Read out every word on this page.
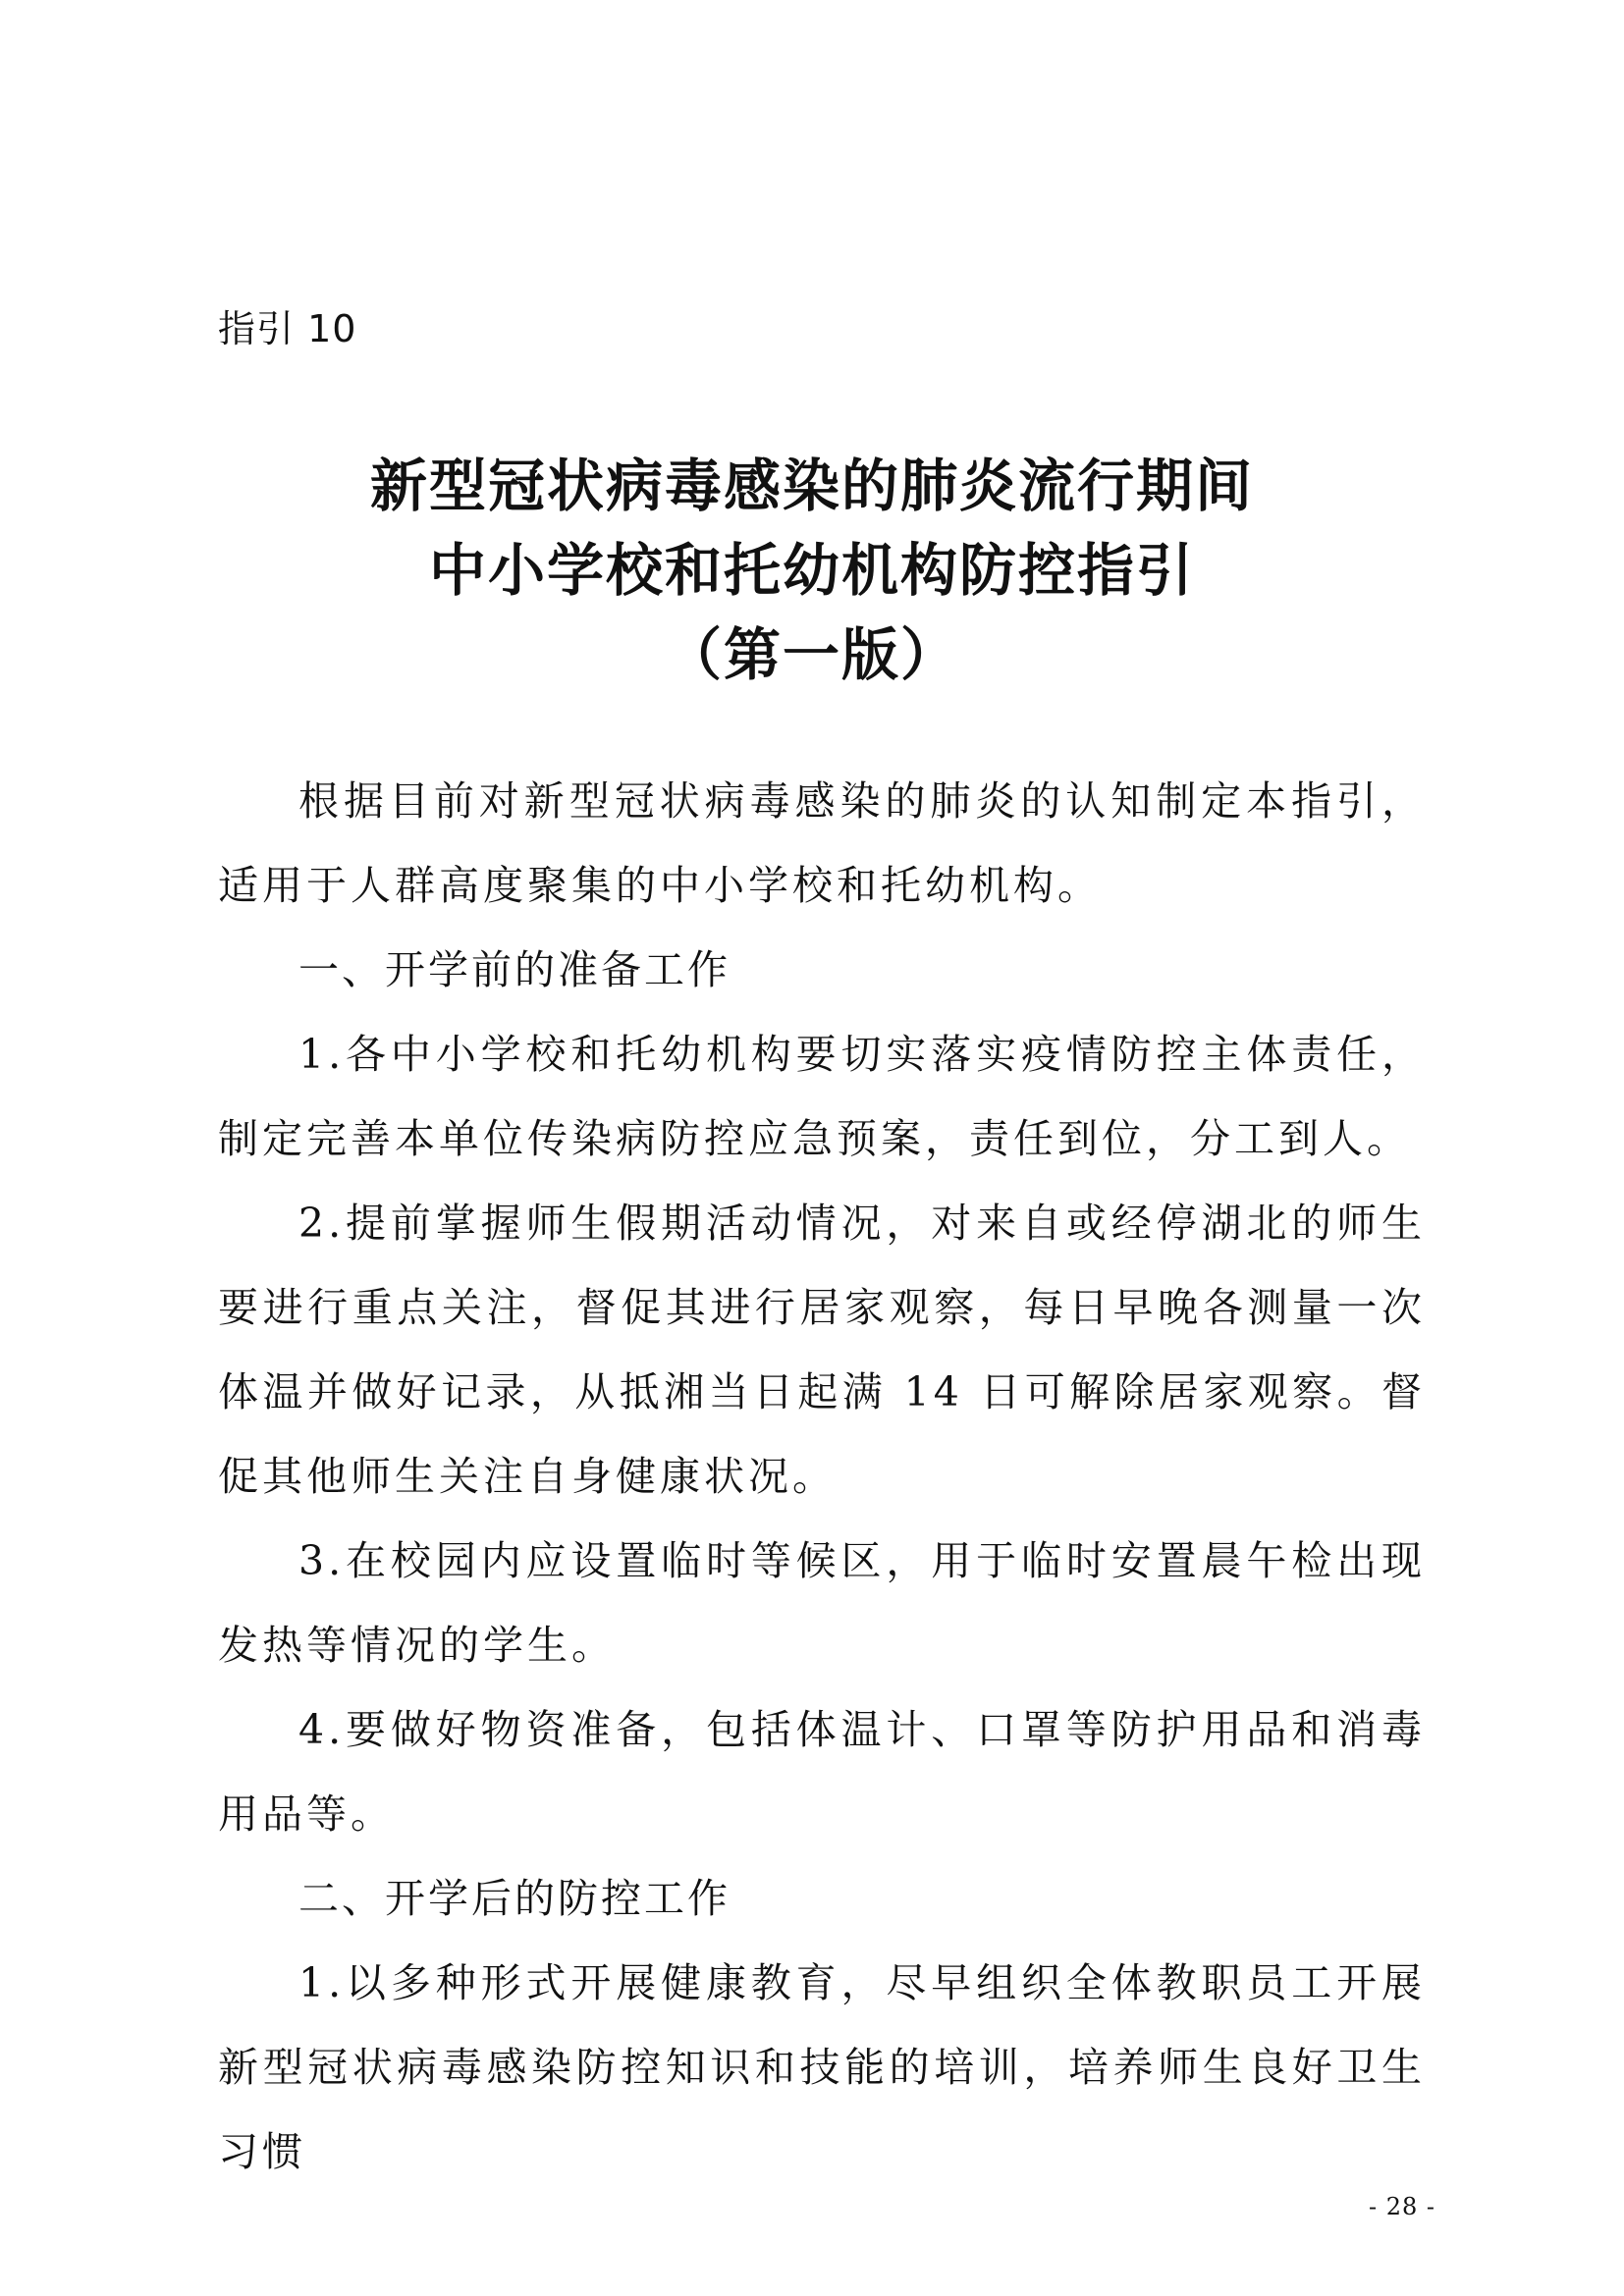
指引 10
新型冠状病毒感染的肺炎流行期间
中小学校和托幼机构防控指引
（第一版）

根据目前对新型冠状病毒感染的肺炎的认知制定本指引，适用于人群高度聚集的中小学校和托幼机构。

一、开学前的准备工作

1.各中小学校和托幼机构要切实落实疫情防控主体责任，制定完善本单位传染病防控应急预案，责任到位，分工到人。

2.提前掌握师生假期活动情况，对来自或经停湖北的师生要进行重点关注，督促其进行居家观察，每日早晚各测量一次体温并做好记录，从抵湘当日起满 14 日可解除居家观察。督促其他师生关注自身健康状况。

3.在校园内应设置临时等候区，用于临时安置晨午检出现发热等情况的学生。

4.要做好物资准备，包括体温计、口罩等防护用品和消毒用品等。

二、开学后的防控工作

1.以多种形式开展健康教育，尽早组织全体教职员工开展新型冠状病毒感染防控知识和技能的培训，培养师生良好卫生习惯

- 28 -
